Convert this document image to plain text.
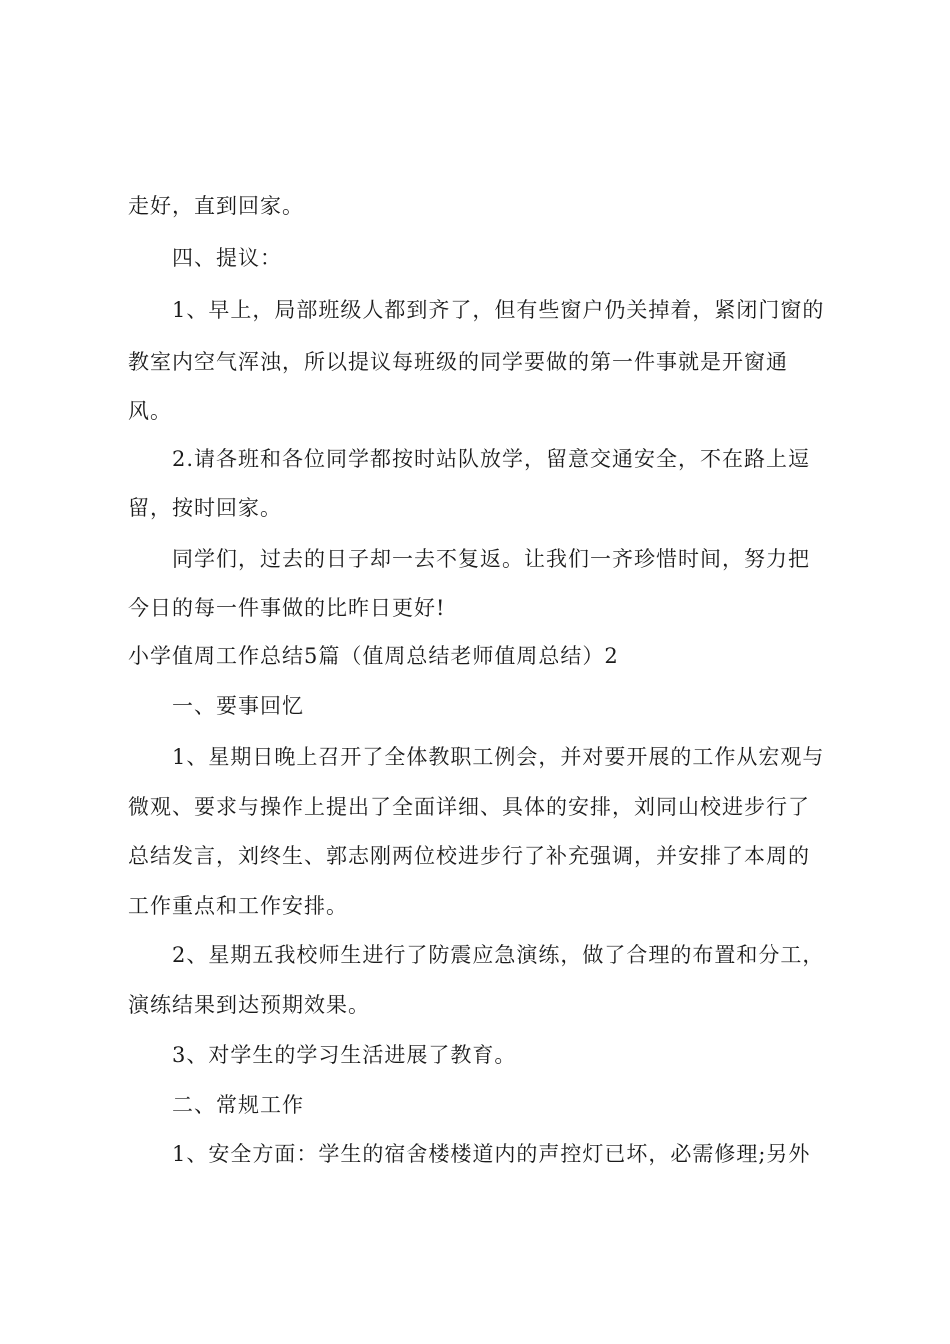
走好，直到回家。
四、提议：
1、早上，局部班级人都到齐了，但有些窗户仍关掉着，紧闭门窗的
教室内空气浑浊，所以提议每班级的同学要做的第一件事就是开窗通
风。
2.请各班和各位同学都按时站队放学，留意交通安全，不在路上逗
留，按时回家。
同学们，过去的日子却一去不复返。让我们一齐珍惜时间，努力把
今日的每一件事做的比昨日更好!
小学值周工作总结5篇（值周总结老师值周总结）2
一、要事回忆
1、星期日晚上召开了全体教职工例会，并对要开展的工作从宏观与
微观、要求与操作上提出了全面详细、具体的安排，刘同山校进步行了
总结发言，刘终生、郭志刚两位校进步行了补充强调，并安排了本周的
工作重点和工作安排。
2、星期五我校师生进行了防震应急演练，做了合理的布置和分工，
演练结果到达预期效果。
3、对学生的学习生活进展了教育。
二、常规工作
1、安全方面：学生的宿舍楼楼道内的声控灯已坏，必需修理;另外
